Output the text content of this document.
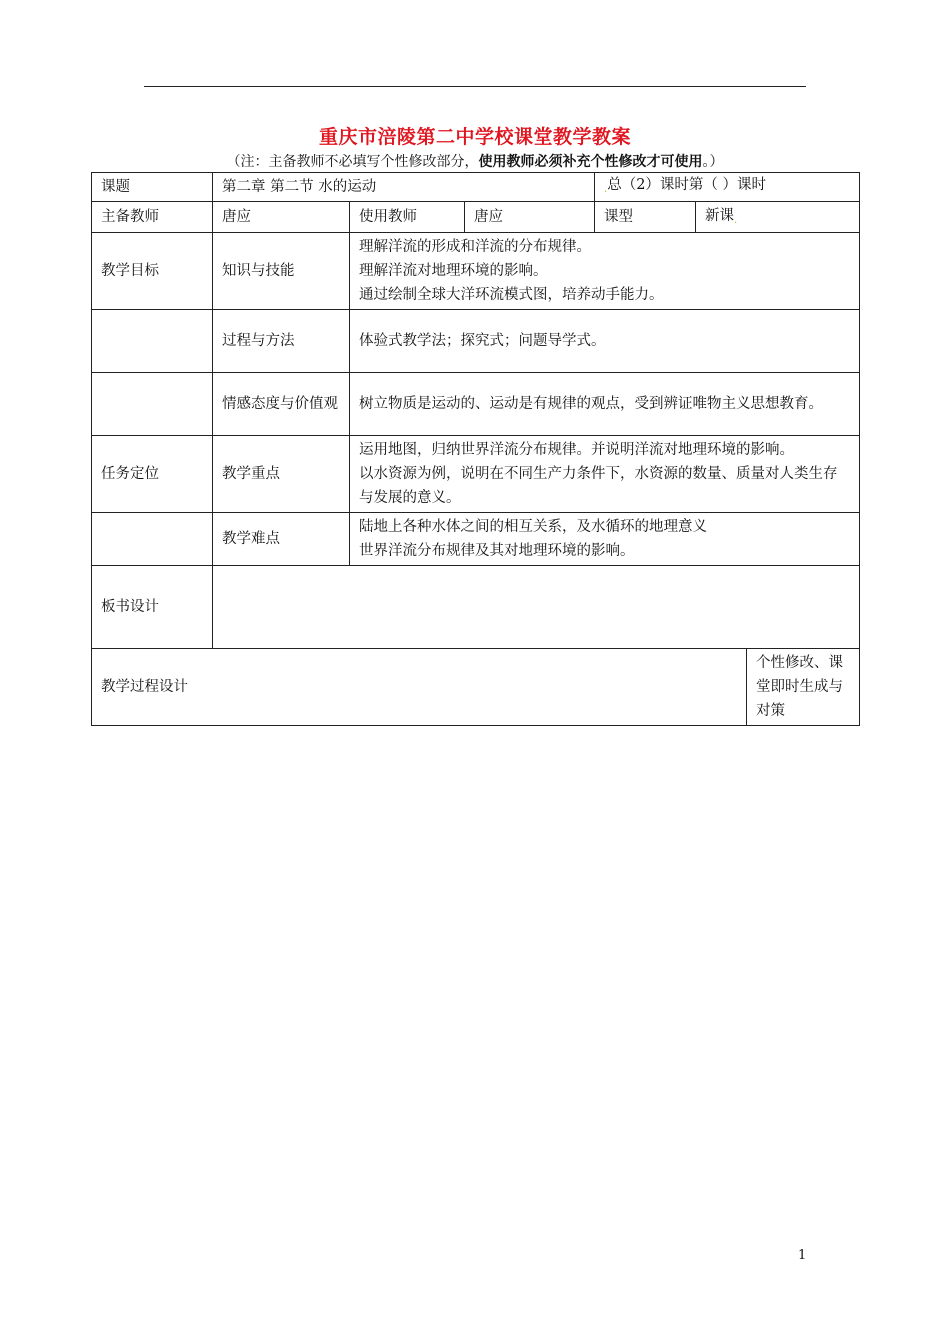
重庆市涪陵第二中学校课堂教学教案
（注：主备教师不必填写个性修改部分，使用教师必须补充个性修改才可使用。）
课题	第二章 第二节 水的运动			$_.$总（2）课时第（ ）课时		
主备教师	唐应	使用教师	唐应	课型	新课$_.$
教学目标	知识与技能	理解洋流的形成和洋流的分布规律。
理解洋流对地理环境的影响。
通过绘制全球大洋环流模式图，培养动手能力。				

	过程与方法	体验式教学法；探究式；问题导学式。				
	情感态度与价值观	树立物质是运动的、运动是有规律的观点，受到辨证唯物主义思想教育。				
任务定位	教学重点	运用地图，归纳世界洋流分布规律。并说明洋流对地理环境的影响。
以水资源为例，说明在不同生产力条件下，水资源的数量、质量对人类生存与发展的意义。				

	教学难点	陆地上各种水体之间的相互关系，及水循环的地理意义
世界洋流分布规律及其对地理环境的影响。				

板书设计						
教学过程设计						个性修改、课堂即时生成与对策
1
